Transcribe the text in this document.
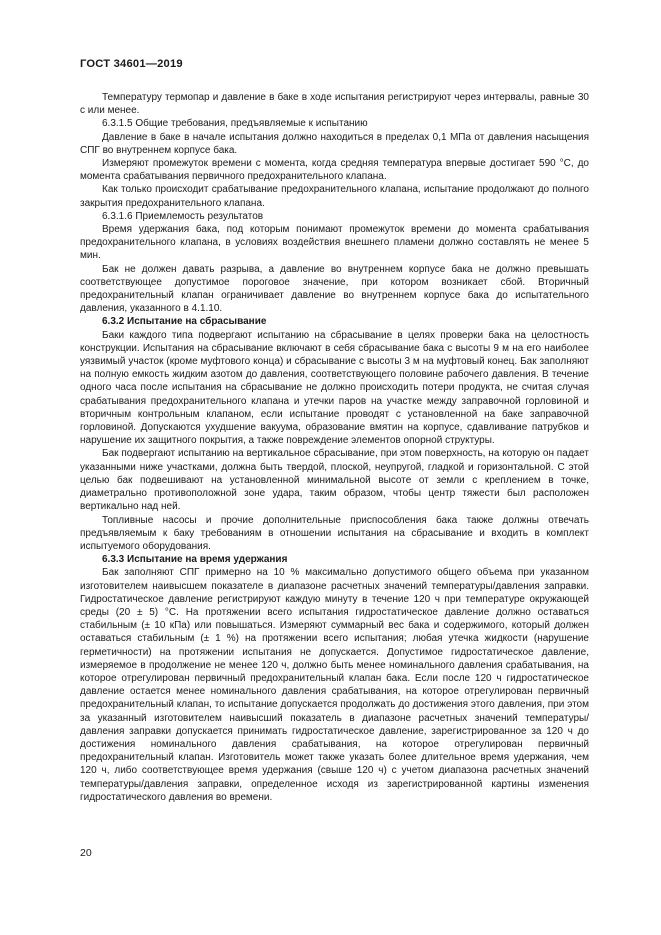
ГОСТ 34601—2019

Температуру термопар и давление в баке в ходе испытания регистрируют через интервалы, равные 30 с или менее.

6.3.1.5 Общие требования, предъявляемые к испытанию

Давление в баке в начале испытания должно находиться в пределах 0,1 МПа от давления насыщения СПГ во внутреннем корпусе бака.

Измеряют промежуток времени с момента, когда средняя температура впервые достигает 590 °С, до момента срабатывания первичного предохранительного клапана.

Как только происходит срабатывание предохранительного клапана, испытание продолжают до полного закрытия предохранительного клапана.

6.3.1.6 Приемлемость результатов

Время удержания бака, под которым понимают промежуток времени до момента срабатывания предохранительного клапана, в условиях воздействия внешнего пламени должно составлять не менее 5 мин.

Бак не должен давать разрыва, а давление во внутреннем корпусе бака не должно превышать соответствующее допустимое пороговое значение, при котором возникает сбой. Вторичный предохранительный клапан ограничивает давление во внутреннем корпусе бака до испытательного давления, указанного в 4.1.10.

6.3.2 Испытание на сбрасывание

Баки каждого типа подвергают испытанию на сбрасывание в целях проверки бака на целостность конструкции. Испытания на сбрасывание включают в себя сбрасывание бака с высоты 9 м на его наиболее уязвимый участок (кроме муфтового конца) и сбрасывание с высоты 3 м на муфтовый конец. Бак заполняют на полную емкость жидким азотом до давления, соответствующего половине рабочего давления. В течение одного часа после испытания на сбрасывание не должно происходить потери продукта, не считая случая срабатывания предохранительного клапана и утечки паров на участке между заправочной горловиной и вторичным контрольным клапаном, если испытание проводят с установленной на баке заправочной горловиной. Допускаются ухудшение вакуума, образование вмятин на корпусе, сдавливание патрубков и нарушение их защитного покрытия, а также повреждение элементов опорной структуры.

Бак подвергают испытанию на вертикальное сбрасывание, при этом поверхность, на которую он падает указанными ниже участками, должна быть твердой, плоской, неупругой, гладкой и горизонтальной. С этой целью бак подвешивают на установленной минимальной высоте от земли с креплением в точке, диаметрально противоположной зоне удара, таким образом, чтобы центр тяжести был расположен вертикально над ней.

Топливные насосы и прочие дополнительные приспособления бака также должны отвечать предъявляемым к баку требованиям в отношении испытания на сбрасывание и входить в комплект испытуемого оборудования.

6.3.3 Испытание на время удержания

Бак заполняют СПГ примерно на 10 % максимально допустимого общего объема при указанном изготовителем наивысшем показателе в диапазоне расчетных значений температуры/давления заправки. Гидростатическое давление регистрируют каждую минуту в течение 120 ч при температуре окружающей среды (20 ± 5) °С. На протяжении всего испытания гидростатическое давление должно оставаться стабильным (± 10 кПа) или повышаться. Измеряют суммарный вес бака и содержимого, который должен оставаться стабильным (± 1 %) на протяжении всего испытания; любая утечка жидкости (нарушение герметичности) на протяжении испытания не допускается. Допустимое гидростатическое давление, измеряемое в продолжение не менее 120 ч, должно быть менее номинального давления срабатывания, на которое отрегулирован первичный предохранительный клапан бака. Если после 120 ч гидростатическое давление остается менее номинального давления срабатывания, на которое отрегулирован первичный предохранительный клапан, то испытание допускается продолжать до достижения этого давления, при этом за указанный изготовителем наивысший показатель в диапазоне расчетных значений температуры/давления заправки допускается принимать гидростатическое давление, зарегистрированное за 120 ч до достижения номинального давления срабатывания, на которое отрегулирован первичный предохранительный клапан. Изготовитель может также указать более длительное время удержания, чем 120 ч, либо соответствующее время удержания (свыше 120 ч) с учетом диапазона расчетных значений температуры/давления заправки, определенное исходя из зарегистрированной картины изменения гидростатического давления во времени.

20
